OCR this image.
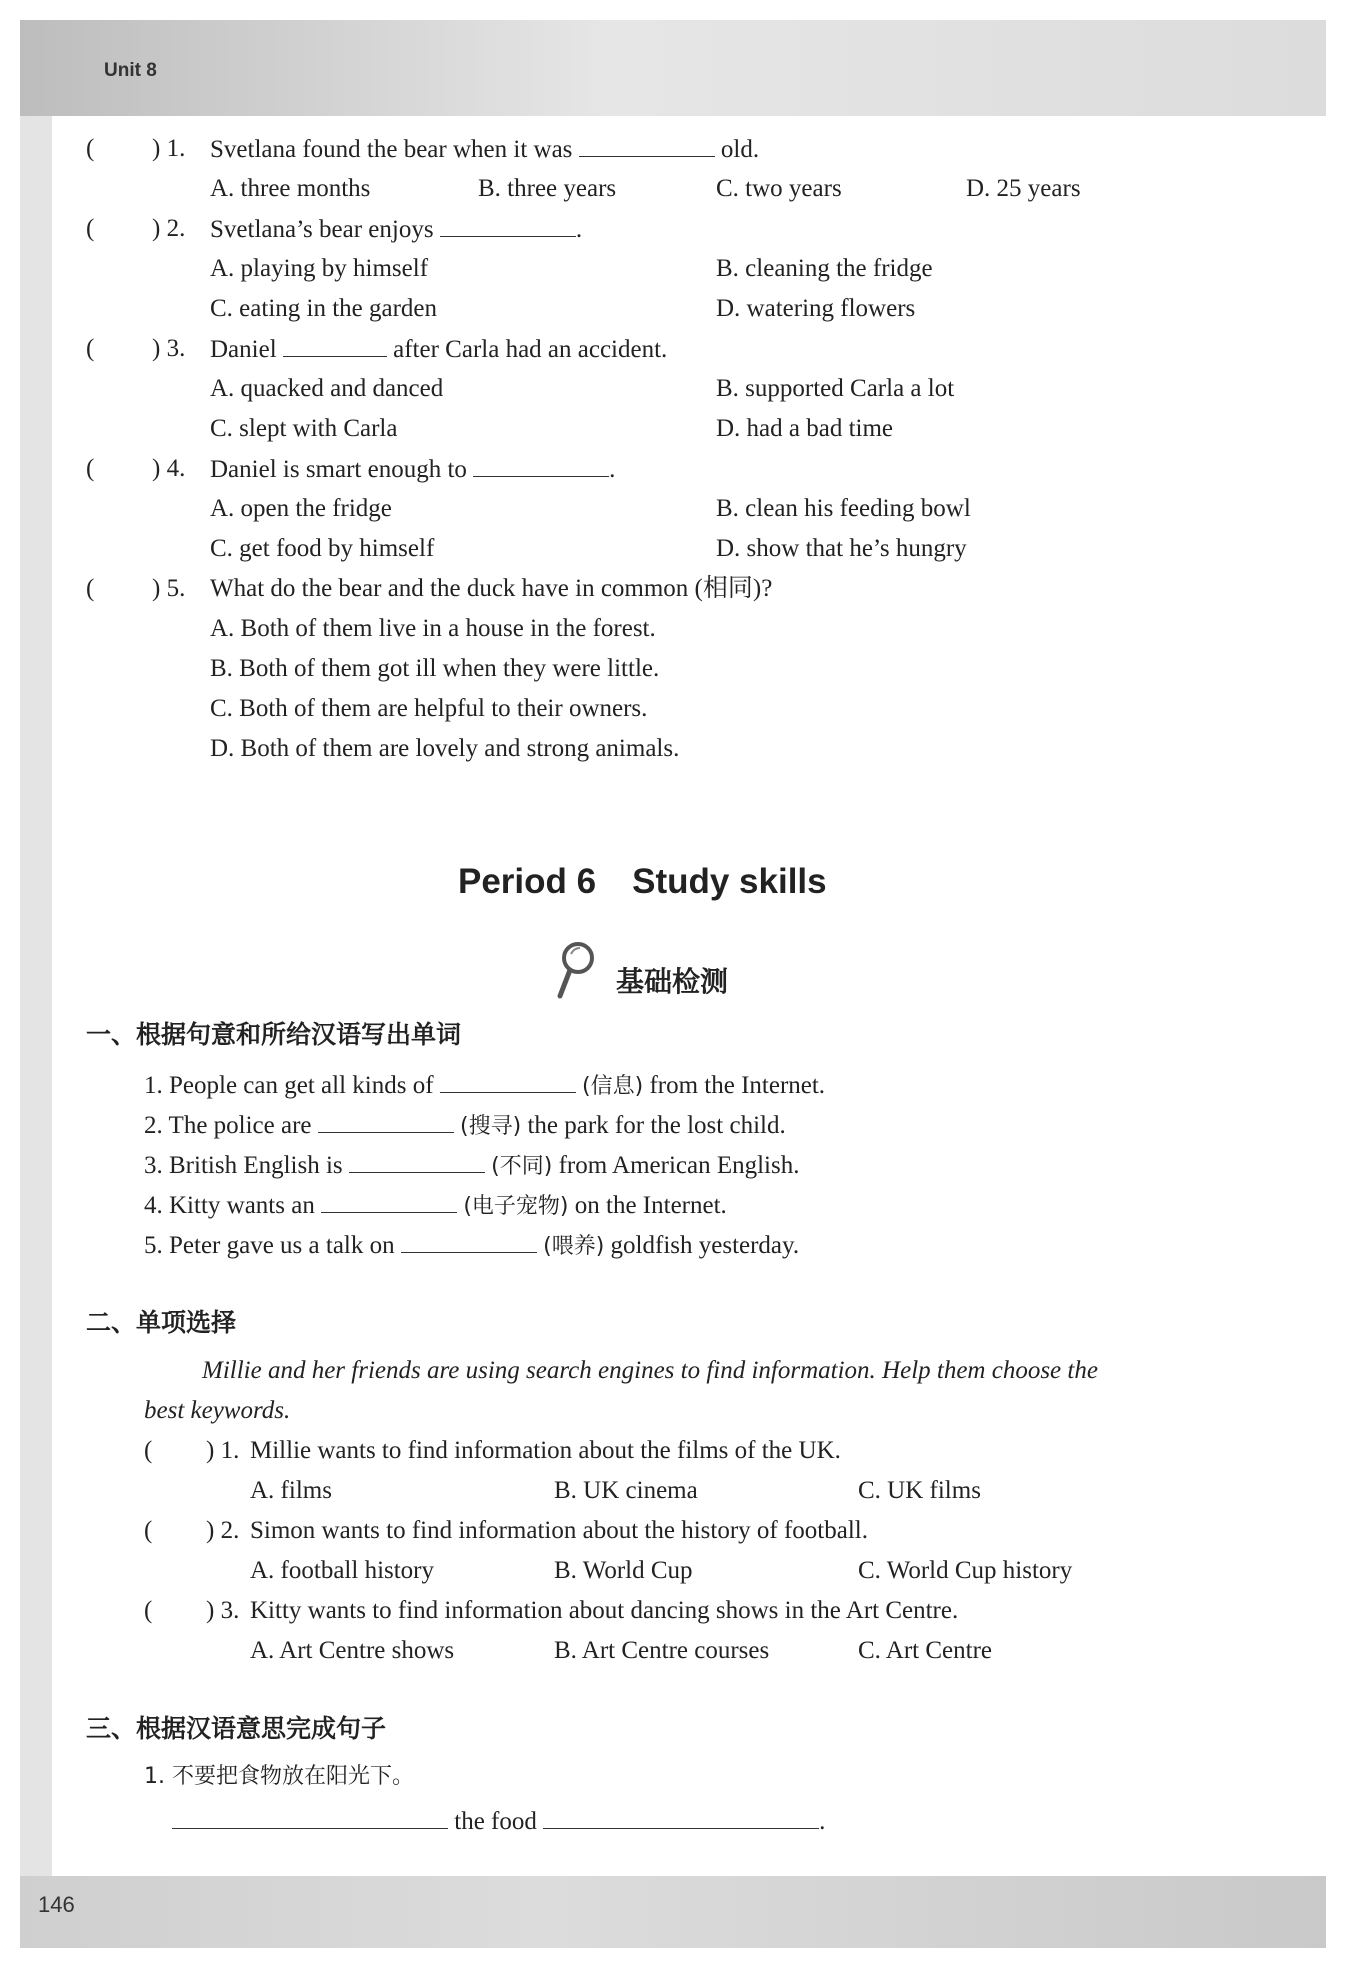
Unit 8
146
( ) 1. Svetlana found the bear when it was	old.
A. three months	B. three years	C. two years	D. 25 years
( ) 2. Svetlana’s bear enjoys	.
A. playing by himself	B. cleaning the fridge
C. eating in the garden	D. watering flowers
( ) 3. Daniel	after Carla had an accident.
A. quacked and danced	B. supported Carla a lot
C. slept with Carla	D. had a bad time
( ) 4. Daniel is smart enough to	.
A. open the fridge	B. clean his feeding bowl
C. get food by himself	D. show that he’s hungry
( ) 5. What do the bear and the duck have in common (相同)?
A. Both of them live in a house in the forest.
B. Both of them got ill when they were little.
C. Both of them are helpful to their owners.
D. Both of them are lovely and strong animals.
Period 6 Study skills
基础检测
一、根据句意和所给汉语写出单词
1. People can get all kinds of	(信息) from the Internet.
2. The police are	(搜寻) the park for the lost child.
3. British English is	(不同) from American English.
4. Kitty wants an	(电子宠物) on the Internet.
5. Peter gave us a talk on	(喂养) goldfish yesterday.
二、单项选择
Millie and her friends are using search engines to find information. Help them choose the
best keywords.
( ) 1. Millie wants to find information about the films of the UK.
A. films	B. UK cinema	C. UK films
( ) 2. Simon wants to find information about the history of football.
A. football history	B. World Cup	C. World Cup history
( ) 3. Kitty wants to find information about dancing shows in the Art Centre.
A. Art Centre shows	B. Art Centre courses	C. Art Centre
三、根据汉语意思完成句子
1. 不要把食物放在阳光下。
the food	.
